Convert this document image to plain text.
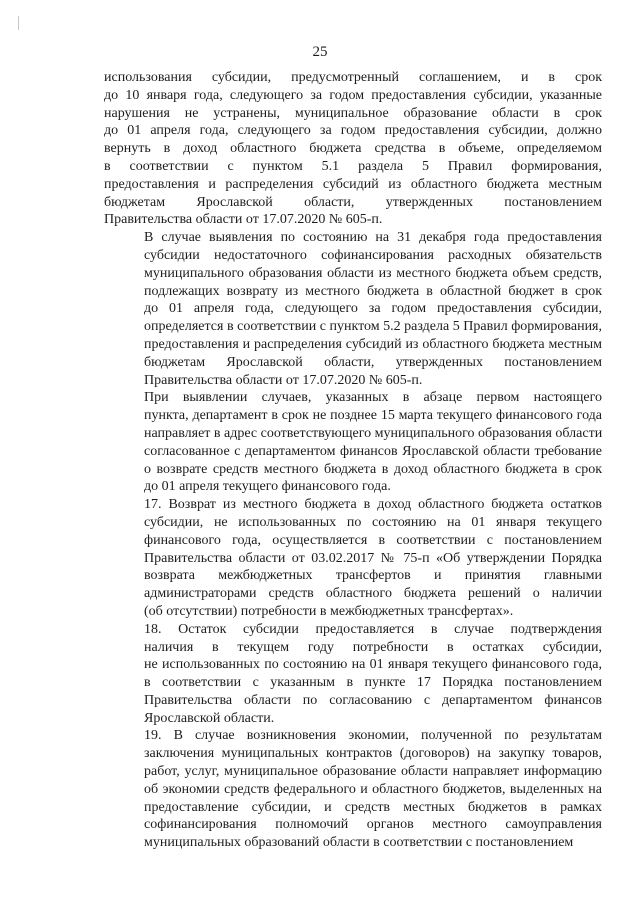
25
использования субсидии, предусмотренный соглашением, и в срок
до 10 января года, следующего за годом предоставления субсидии, указанные
нарушения не устранены, муниципальное образование области в срок
до 01 апреля года, следующего за годом предоставления субсидии, должно
вернуть в доход областного бюджета средства в объеме, определяемом
в соответствии с пунктом 5.1 раздела 5 Правил формирования,
предоставления и распределения субсидий из областного бюджета местным
бюджетам Ярославской области, утвержденных постановлением
Правительства области от 17.07.2020 № 605-п.
В случае выявления по состоянию на 31 декабря года предоставления
субсидии недостаточного софинансирования расходных обязательств
муниципального образования области из местного бюджета объем средств,
подлежащих возврату из местного бюджета в областной бюджет в срок
до 01 апреля года, следующего за годом предоставления субсидии,
определяется в соответствии с пунктом 5.2 раздела 5 Правил формирования,
предоставления и распределения субсидий из областного бюджета местным
бюджетам Ярославской области, утвержденных постановлением
Правительства области от 17.07.2020 № 605-п.
При выявлении случаев, указанных в абзаце первом настоящего
пункта, департамент в срок не позднее 15 марта текущего финансового года
направляет в адрес соответствующего муниципального образования области
согласованное с департаментом финансов Ярославской области требование
о возврате средств местного бюджета в доход областного бюджета в срок
до 01 апреля текущего финансового года.
17. Возврат из местного бюджета в доход областного бюджета остатков
субсидии, не использованных по состоянию на 01 января текущего
финансового года, осуществляется в соответствии с постановлением
Правительства области от 03.02.2017 № 75-п «Об утверждении Порядка
возврата межбюджетных трансфертов и принятия главными
администраторами средств областного бюджета решений о наличии
(об отсутствии) потребности в межбюджетных трансфертах».
18. Остаток субсидии предоставляется в случае подтверждения
наличия в текущем году потребности в остатках субсидии,
не использованных по состоянию на 01 января текущего финансового года,
в соответствии с указанным в пункте 17 Порядка постановлением
Правительства области по согласованию с департаментом финансов
Ярославской области.
19. В случае возникновения экономии, полученной по результатам
заключения муниципальных контрактов (договоров) на закупку товаров,
работ, услуг, муниципальное образование области направляет информацию
об экономии средств федерального и областного бюджетов, выделенных на
предоставление субсидии, и средств местных бюджетов в рамках
софинансирования полномочий органов местного самоуправления
муниципальных образований области в соответствии с постановлением
